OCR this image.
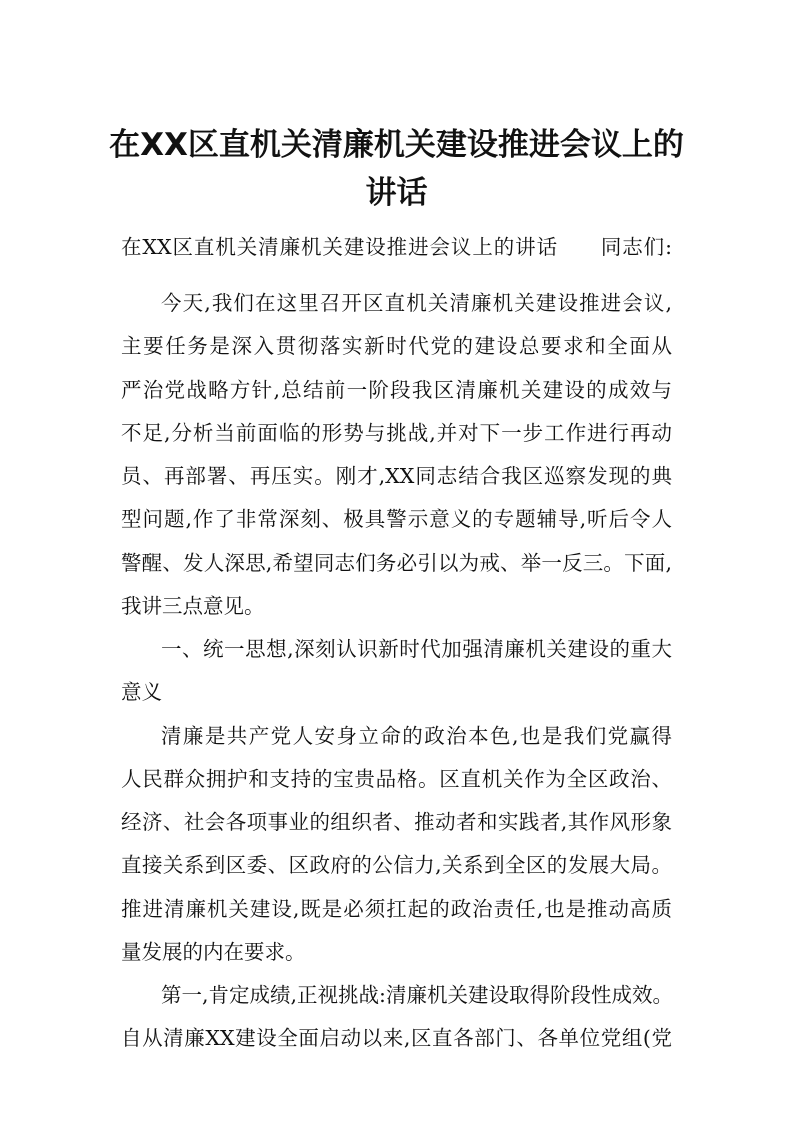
在XX区直机关清廉机关建设推进会议上的
讲话

在XX区直机关清廉机关建设推进会议上的讲话　　同志们:

今天,我们在这里召开区直机关清廉机关建设推进会议,

主要任务是深入贯彻落实新时代党的建设总要求和全面从

严治党战略方针,总结前一阶段我区清廉机关建设的成效与

不足,分析当前面临的形势与挑战,并对下一步工作进行再动

员、再部署、再压实。刚才,XX同志结合我区巡察发现的典

型问题,作了非常深刻、极具警示意义的专题辅导,听后令人

警醒、发人深思,希望同志们务必引以为戒、举一反三。下面,

我讲三点意见。

一、统一思想,深刻认识新时代加强清廉机关建设的重大

意义

清廉是共产党人安身立命的政治本色,也是我们党赢得

人民群众拥护和支持的宝贵品格。区直机关作为全区政治、

经济、社会各项事业的组织者、推动者和实践者,其作风形象

直接关系到区委、区政府的公信力,关系到全区的发展大局。

推进清廉机关建设,既是必须扛起的政治责任,也是推动高质

量发展的内在要求。

第一,肯定成绩,正视挑战:清廉机关建设取得阶段性成效。

自从清廉XX建设全面启动以来,区直各部门、各单位党组(党
